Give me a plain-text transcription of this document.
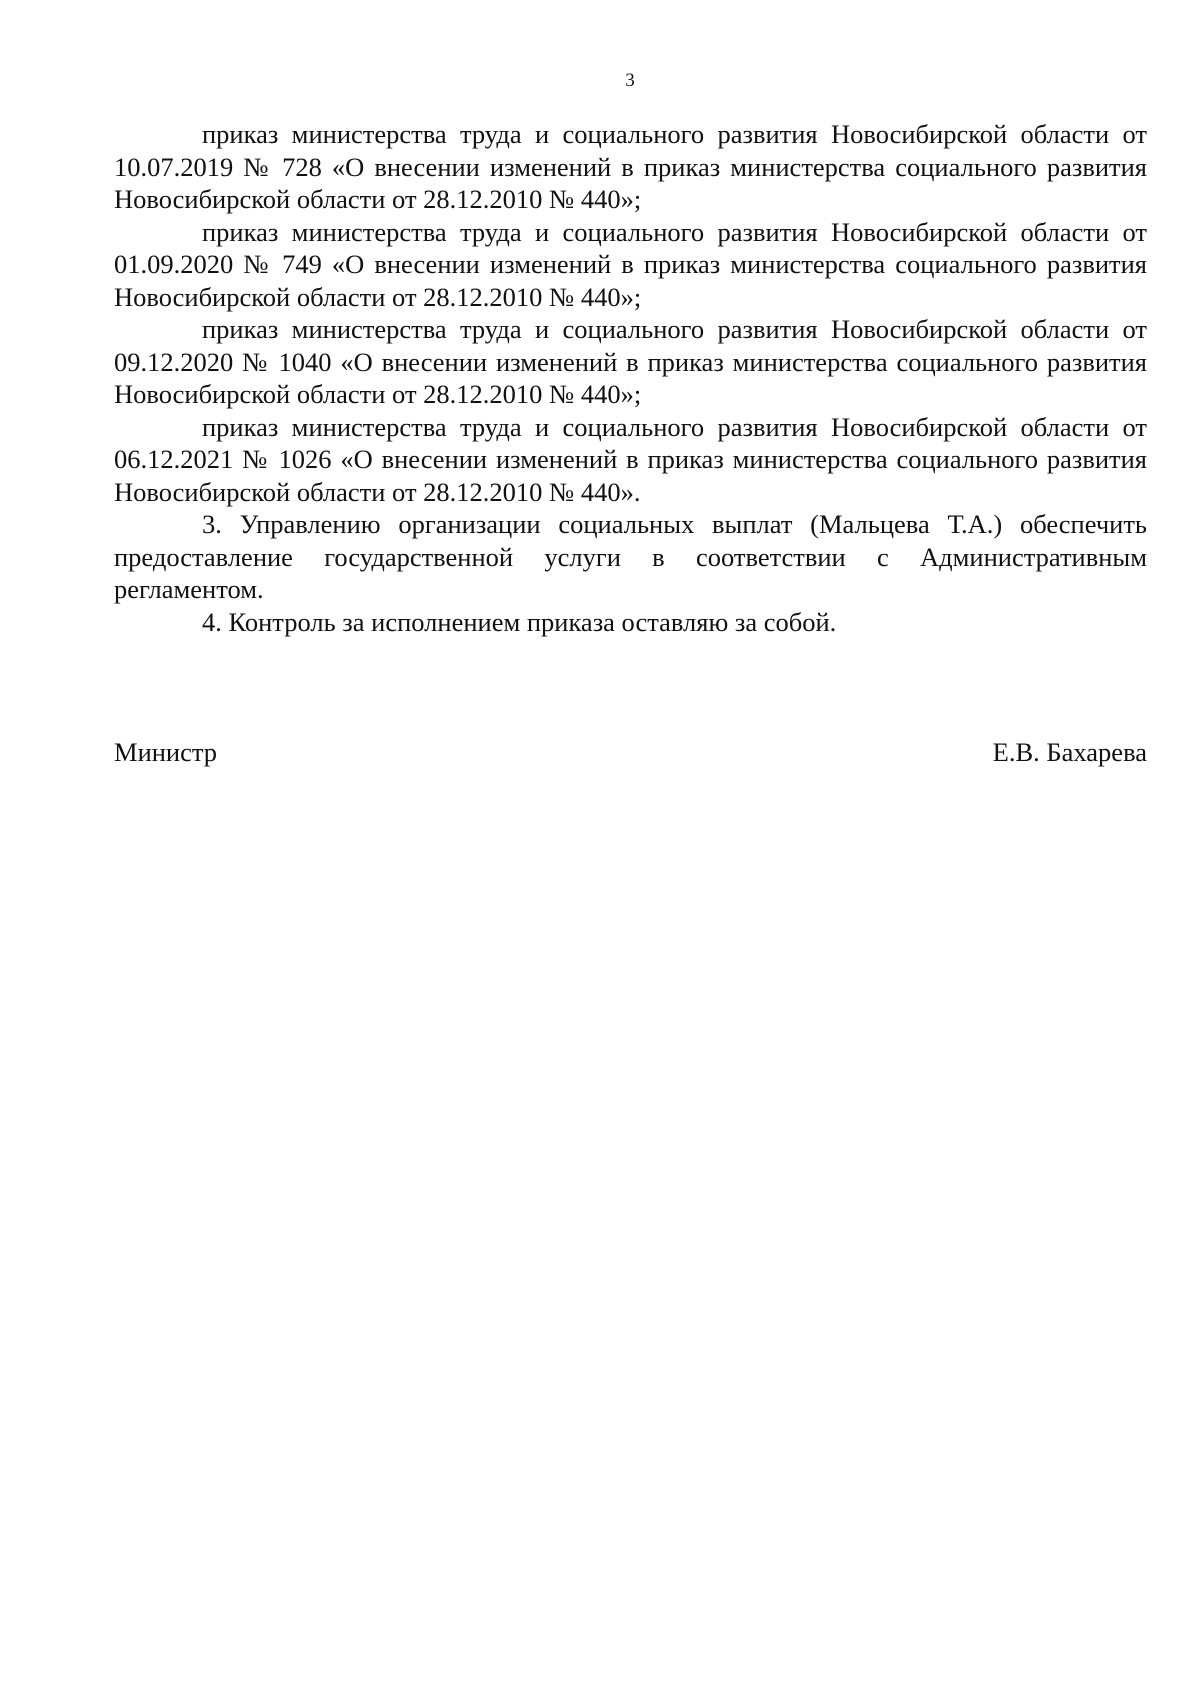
3

приказ министерства труда и социального развития Новосибирской области от 10.07.2019 № 728 «О внесении изменений в приказ министерства социального развития Новосибирской области от 28.12.2010 № 440»;

приказ министерства труда и социального развития Новосибирской области от 01.09.2020 № 749 «О внесении изменений в приказ министерства социального развития Новосибирской области от 28.12.2010 № 440»;

приказ министерства труда и социального развития Новосибирской области от 09.12.2020 № 1040 «О внесении изменений в приказ министерства социального развития Новосибирской области от 28.12.2010 № 440»;

приказ министерства труда и социального развития Новосибирской области от 06.12.2021 № 1026 «О внесении изменений в приказ министерства социального развития Новосибирской области от 28.12.2010 № 440».

3. Управлению организации социальных выплат (Мальцева Т.А.) обеспечить предоставление государственной услуги в соответствии с Административным регламентом.

4. Контроль за исполнением приказа оставляю за собой.

Министр	Е.В. Бахарева
